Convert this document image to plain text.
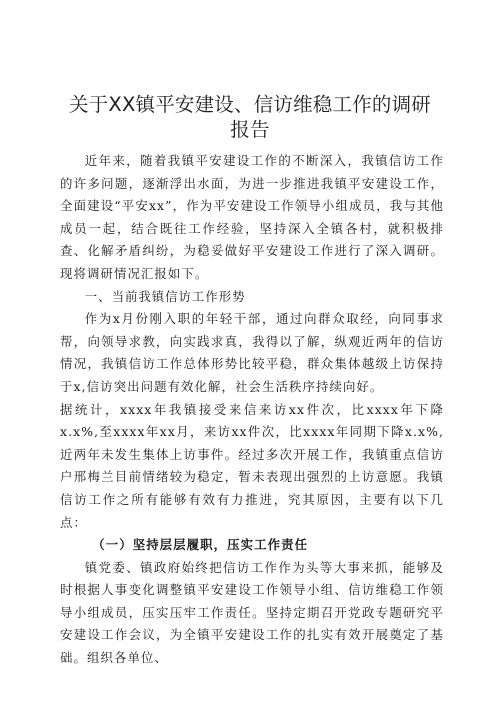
关于XX镇平安建设、信访维稳工作的调研报告

近年来，随着我镇平安建设工作的不断深入，我镇信访工作的许多问题，逐渐浮出水面，为进一步推进我镇平安建设工作，全面建设“平安xx”，作为平安建设工作领导小组成员，我与其他成员一起，结合既往工作经验，坚持深入全镇各村，就积极排查、化解矛盾纠纷，为稳妥做好平安建设工作进行了深入调研。现将调研情况汇报如下。

一、当前我镇信访工作形势

作为x月份刚入职的年轻干部，通过向群众取经，向同事求帮，向领导求教，向实践求真，我得以了解，纵观近两年的信访情况，我镇信访工作总体形势比较平稳，群众集体越级上访保持于x,信访突出问题有效化解，社会生活秩序持续向好。

据统计，xxxx年我镇接受来信来访xx件次，比xxxx年下降x.x%,至xxxx年xx月，来访xx件次，比xxxx年同期下降x.x%,近两年未发生集体上访事件。经过多次开展工作，我镇重点信访户邢梅兰目前情绪较为稳定，暂未表现出强烈的上访意愿。我镇信访工作之所有能够有效有力推进，究其原因，主要有以下几点：

（一）坚持层层履职，压实工作责任

镇党委、镇政府始终把信访工作作为头等大事来抓，能够及时根据人事变化调整镇平安建设工作领导小组、信访维稳工作领导小组成员，压实压牢工作责任。坚持定期召开党政专题研究平安建设工作会议，为全镇平安建设工作的扎实有效开展奠定了基础。组织各单位、
